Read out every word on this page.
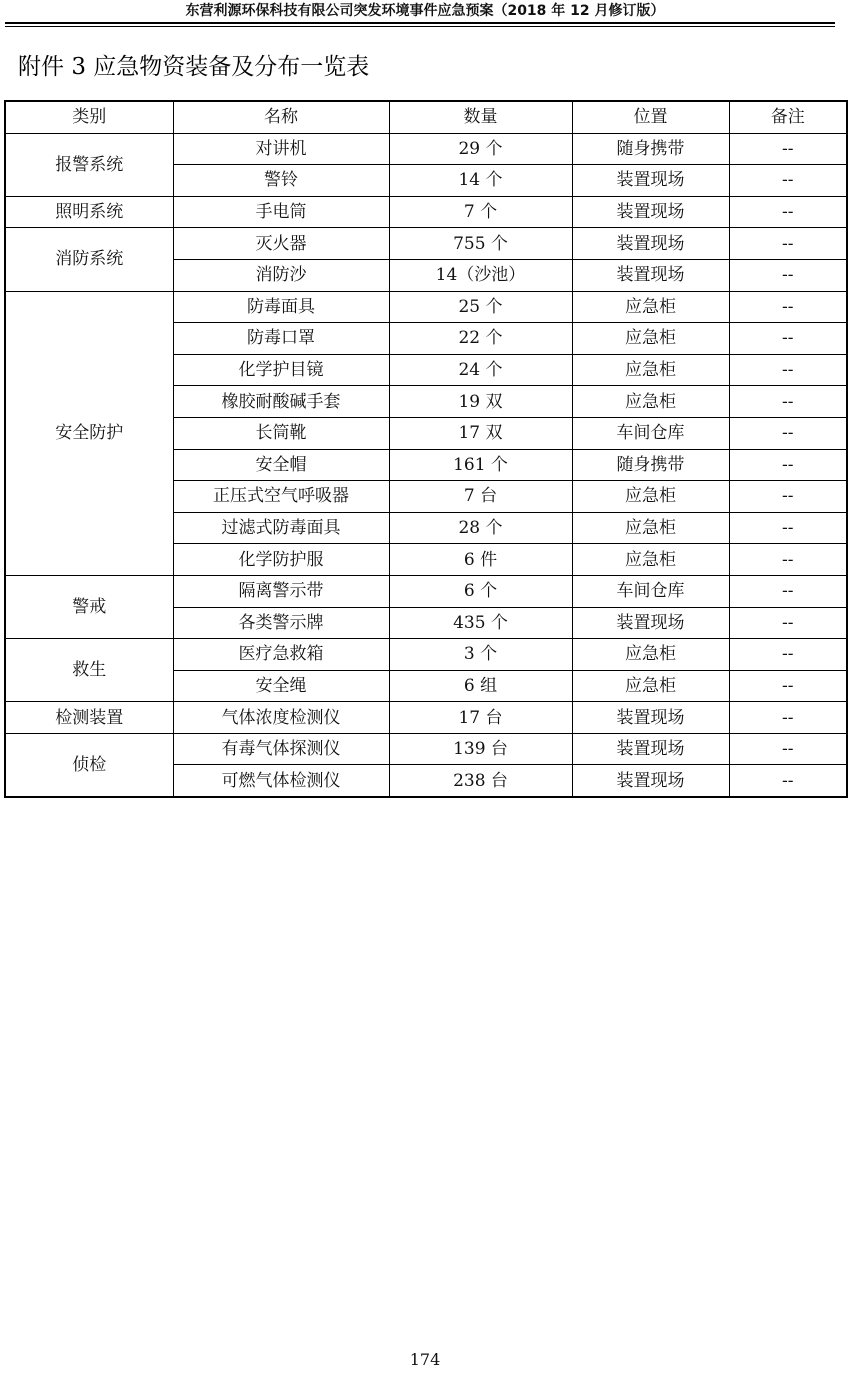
东营利源环保科技有限公司突发环境事件应急预案（2018 年 12 月修订版）
附件 3 应急物资装备及分布一览表
类别	名称	数量	位置	备注
报警系统	对讲机	29 个	随身携带	--
	警铃	14 个	装置现场	--
照明系统	手电筒	7 个	装置现场	--
消防系统	灭火器	755 个	装置现场	--
	消防沙	14（沙池）	装置现场	--
安全防护	防毒面具	25 个	应急柜	--
	防毒口罩	22 个	应急柜	--
	化学护目镜	24 个	应急柜	--
	橡胶耐酸碱手套	19 双	应急柜	--
	长筒靴	17 双	车间仓库	--
	安全帽	161 个	随身携带	--
	正压式空气呼吸器	7 台	应急柜	--
	过滤式防毒面具	28 个	应急柜	--
	化学防护服	6 件	应急柜	--
警戒	隔离警示带	6 个	车间仓库	--
	各类警示牌	435 个	装置现场	--
救生	医疗急救箱	3 个	应急柜	--
	安全绳	6 组	应急柜	--
检测装置	气体浓度检测仪	17 台	装置现场	--
侦检	有毒气体探测仪	139 台	装置现场	--
	可燃气体检测仪	238 台	装置现场	--
174
